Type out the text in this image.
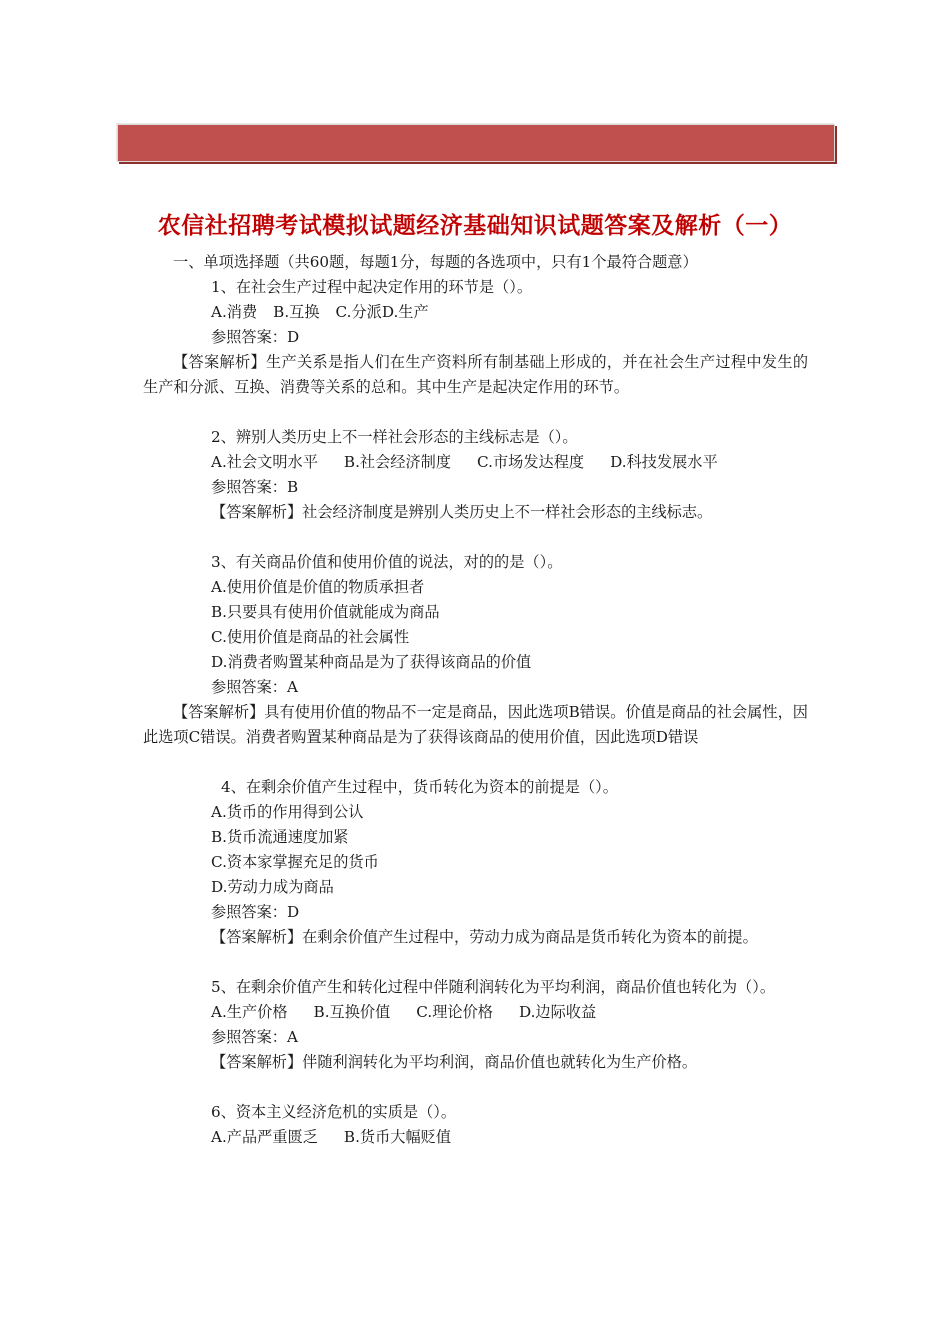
农信社招聘考试模拟试题经济基础知识试题答案及解析（一）

一、单项选择题（共60题，每题1分，每题的各选项中，只有1个最符合题意）

1、在社会生产过程中起决定作用的环节是（）。

A.消费 B.互换 C.分派D.生产

参照答案：D

【答案解析】生产关系是指人们在生产资料所有制基础上形成的，并在社会生产过程中发生的生产和分派、互换、消费等关系的总和。其中生产是起决定作用的环节。

2、辨别人类历史上不一样社会形态的主线标志是（）。

A.社会文明水平 B.社会经济制度 C.市场发达程度 D.科技发展水平

参照答案：B

【答案解析】社会经济制度是辨别人类历史上不一样社会形态的主线标志。

3、有关商品价值和使用价值的说法，对的的是（）。

A.使用价值是价值的物质承担者

B.只要具有使用价值就能成为商品

C.使用价值是商品的社会属性

D.消费者购置某种商品是为了获得该商品的价值

参照答案：A

【答案解析】具有使用价值的物品不一定是商品，因此选项B错误。价值是商品的社会属性，因此选项C错误。消费者购置某种商品是为了获得该商品的使用价值，因此选项D错误

4、在剩余价值产生过程中，货币转化为资本的前提是（）。

A.货币的作用得到公认

B.货币流通速度加紧

C.资本家掌握充足的货币

D.劳动力成为商品

参照答案：D

【答案解析】在剩余价值产生过程中，劳动力成为商品是货币转化为资本的前提。

5、在剩余价值产生和转化过程中伴随利润转化为平均利润，商品价值也转化为（）。

A.生产价格 B.互换价值 C.理论价格 D.边际收益

参照答案：A

【答案解析】伴随利润转化为平均利润，商品价值也就转化为生产价格。

6、资本主义经济危机的实质是（）。

A.产品严重匮乏 B.货币大幅贬值
